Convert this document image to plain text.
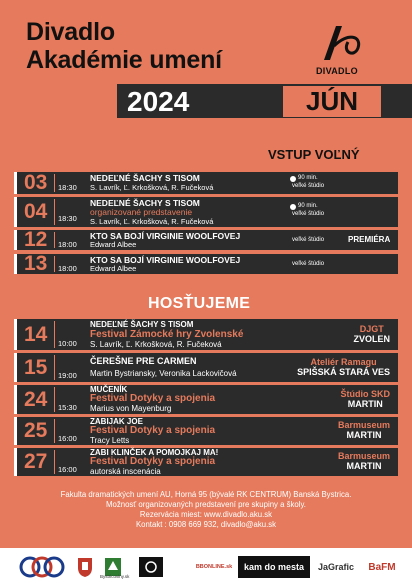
Divadlo
Akadémie umení	DIVADLO
2024	JÚN
VSTUP VOĽNÝ
03 18:30
NEDEĽNÉ ŠACHY S TISOM
S. Lavrík, Ľ. Krkošková, R. Fučeková
90 min.
veľké štúdio
04 18:30
NEDEĽNÉ ŠACHY S TISOM
organizované predstavenie
S. Lavrík, Ľ. Krkošková, R. Fučeková
90 min.
veľké štúdio
12 18:00
KTO SA BOJÍ VIRGINIE WOOLFOVEJ
Edward Albee	veľké štúdio	PREMIÉRA
13 18:00
KTO SA BOJÍ VIRGINIE WOOLFOVEJ
Edward Albee	veľké štúdio
HOSŤUJEME
14 10:00
NEDEĽNÉ ŠACHY S TISOM
Festival Zámocké hry Zvolenské
S. Lavrík, Ľ. Krkošková, R. Fučeková
DJGT
ZVOLEN
15 19:00
ČEREŠNE PRE CARMEN
Martin Bystriansky, Veronika Lackovičová
Ateliér Ramagu
SPIŠSKÁ STARÁ VES
24 15:30
MUČENÍK
Festival Dotyky a spojenia
Marius von Mayenburg
Štúdio SKD
MARTIN
25 16:00
ZABIJAK JOE
Festival Dotyky a spojenia
Tracy Letts
Barmuseum
MARTIN
27 16:00
ZABI KLINČEK A POMOJKAJ MA!
Festival Dotyky a spojenia
autorská inscenácia
Barmuseum
MARTIN
Fakulta dramatických umení AU, Horná 95 (bývalé RK CENTRUM) Banská Bystrica.
Možnosť organizovaných predstavení pre skupiny a školy.
Rezervácia miest: www.divadlo.aku.sk
Kontakt : 0908 669 932, divadlo@aku.sk
Bystricoviny.sk
BBONLINE.sk	kam do mesta	JaGrafic	BaFM
